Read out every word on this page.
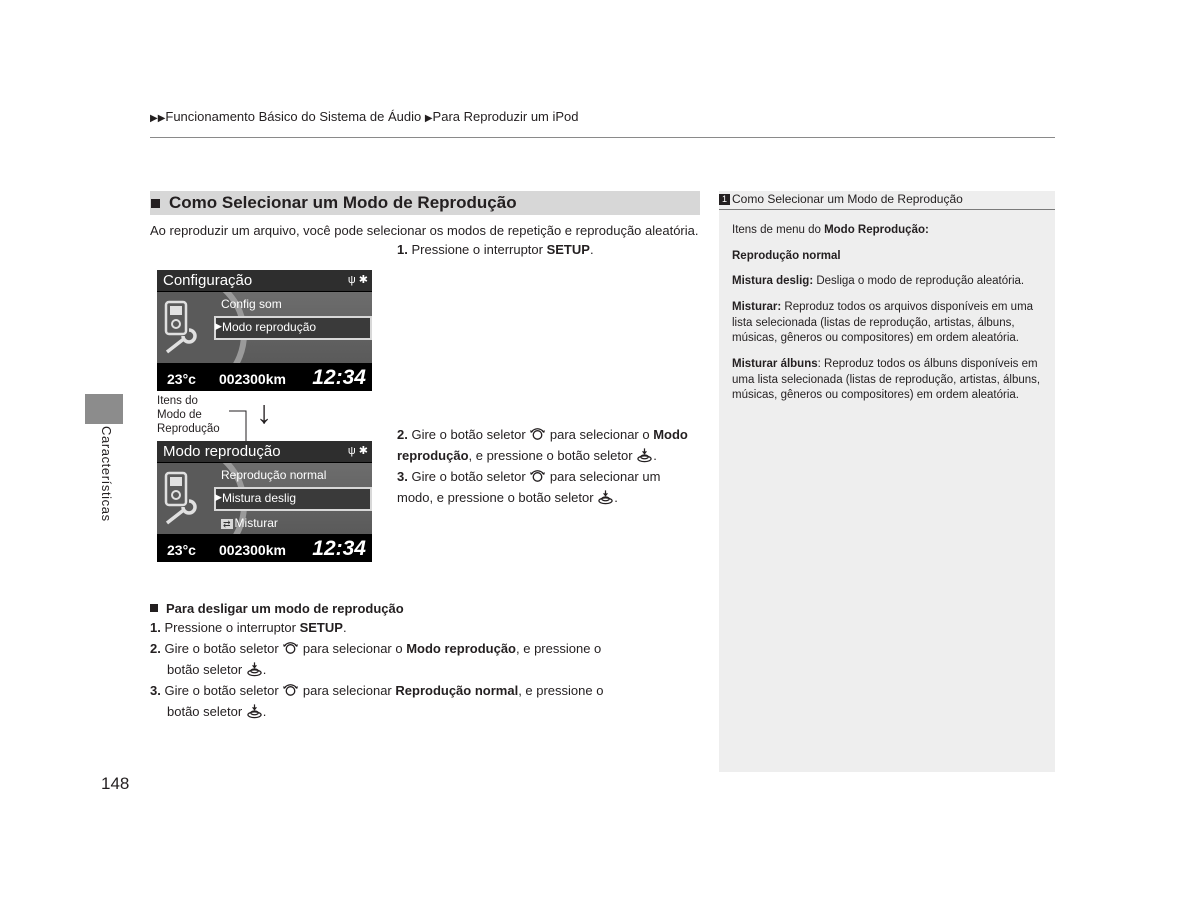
▶▶Funcionamento Básico do Sistema de Áudio ▶Para Reproduzir um iPod
Características
148
Como Selecionar um Modo de Reprodução
Ao reproduzir um arquivo, você pode selecionar os modos de repetição e reprodução aleatória.
1. Pressione o interruptor SETUP.
2. Gire o botão seletor  para selecionar o Modo reprodução, e pressione o botão seletor .
3. Gire o botão seletor  para selecionar um modo, e pressione o botão seletor .
Configuração	ψ ✱
Config som
▶ Modo reprodução
23°c 002300km 12:34
Itens do
Modo de
Reprodução ↓
Modo reprodução	ψ ✱
Reprodução normal
▶ Mistura deslig
⇄ Misturar
23°c 002300km 12:34
Para desligar um modo de reprodução
1. Pressione o interruptor SETUP.
2. Gire o botão seletor  para selecionar o Modo reprodução, e pressione o
botão seletor .
3. Gire o botão seletor  para selecionar Reprodução normal, e pressione o
botão seletor .
1 Como Selecionar um Modo de Reprodução
Itens de menu do Modo Reprodução:
Reprodução normal
Mistura deslig: Desliga o modo de reprodução aleatória.
Misturar: Reproduz todos os arquivos disponíveis em uma lista selecionada (listas de reprodução, artistas, álbuns, músicas, gêneros ou compositores) em ordem aleatória.
Misturar álbuns: Reproduz todos os álbuns disponíveis em uma lista selecionada (listas de reprodução, artistas, álbuns, músicas, gêneros ou compositores) em ordem aleatória.
